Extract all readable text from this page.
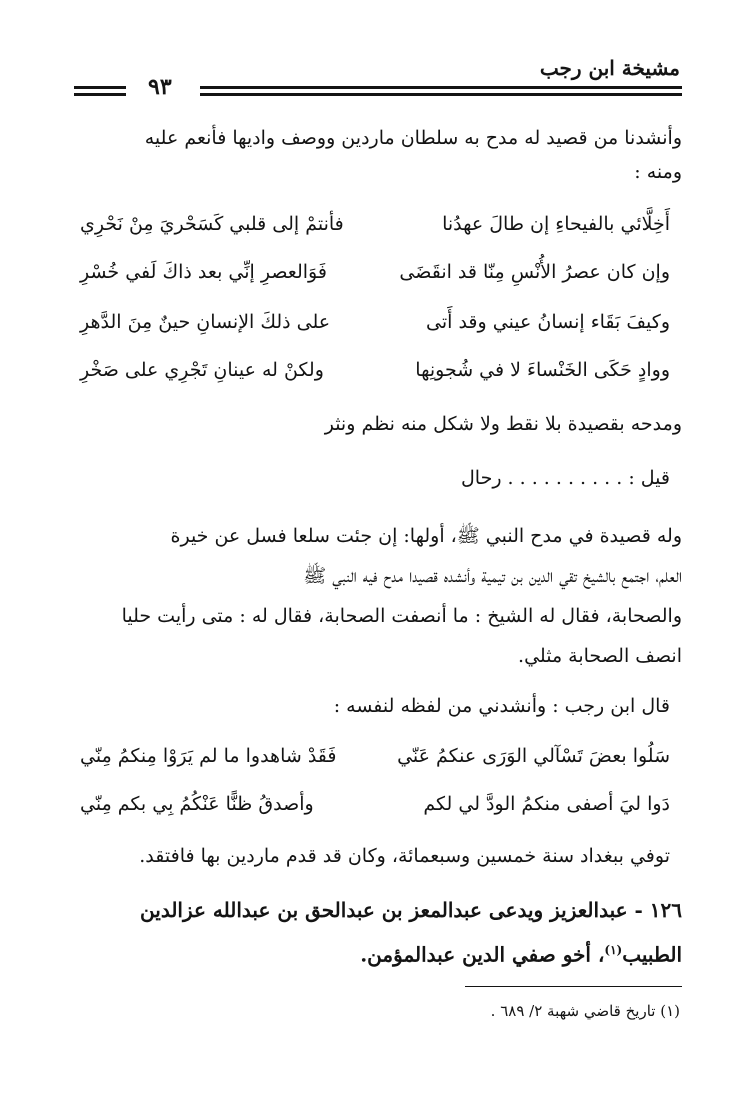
مشيخة ابن رجب
٩٣
وأنشدنا من قصيد له مدح به سلطان ماردين ووصف واديها فأنعم عليه
ومنه :
أَخِلَّائي بالفيحاءِ إن طالَ عهدُنا
فأنتمْ إلى قلبي كَسَحْريَ مِنْ نَحْرِي
وإن كان عصرُ الأُنْسِ مِنّا قد انقَضَى
فَوَالعصرِ إنِّي بعد ذاكَ لَفي خُسْرِ
وكيفَ بَقَاء إنسانُ عيني وقد أَتى
على ذلكَ الإنسانِ حينٌ مِنَ الدَّهرِ
ووادٍ حَكَى الخَنْساءَ لا في شُجونِها
ولكنْ له عينانِ تَجْرِي على صَخْرِ
ومدحه بقصيدة بلا نقط ولا شكل منه نظم ونثر
قيل : . . . . . . . . . . رحال
وله قصيدة في مدح النبي ﷺ، أولها: إن جئت سلعا فسل عن خيرة
العلم، اجتمع بالشيخ تقي الدين بن تيمية وأنشده قصيدا مدح فيه النبي ﷺ
والصحابة، فقال له الشيخ : ما أنصفت الصحابة، فقال له : متى رأيت حليا
انصف الصحابة مثلي.
قال ابن رجب : وأنشدني من لفظه لنفسه :
سَلُوا بعضَ تَسْآلي الوَرَى عنكمُ عَنّي
فَقَدْ شاهدوا ما لم يَرَوْا مِنكمُ مِنّي
دَوا ليَ أصفى منكمُ الودَّ لي لكم
وأصدقُ ظنًّا عَنْكُمُ بِي بكم مِنّي
توفي ببغداد سنة خمسين وسبعمائة، وكان قد قدم ماردين بها فافتقد.
١٢٦ - عبدالعزيز ويدعى عبدالمعز بن عبدالحق بن عبدالله عزالدين
الطبيب$^{(١)}$، أخو صفي الدين عبدالمؤمن.
(١) تاريخ قاضي شهبة ٢/ ٦٨٩ .
